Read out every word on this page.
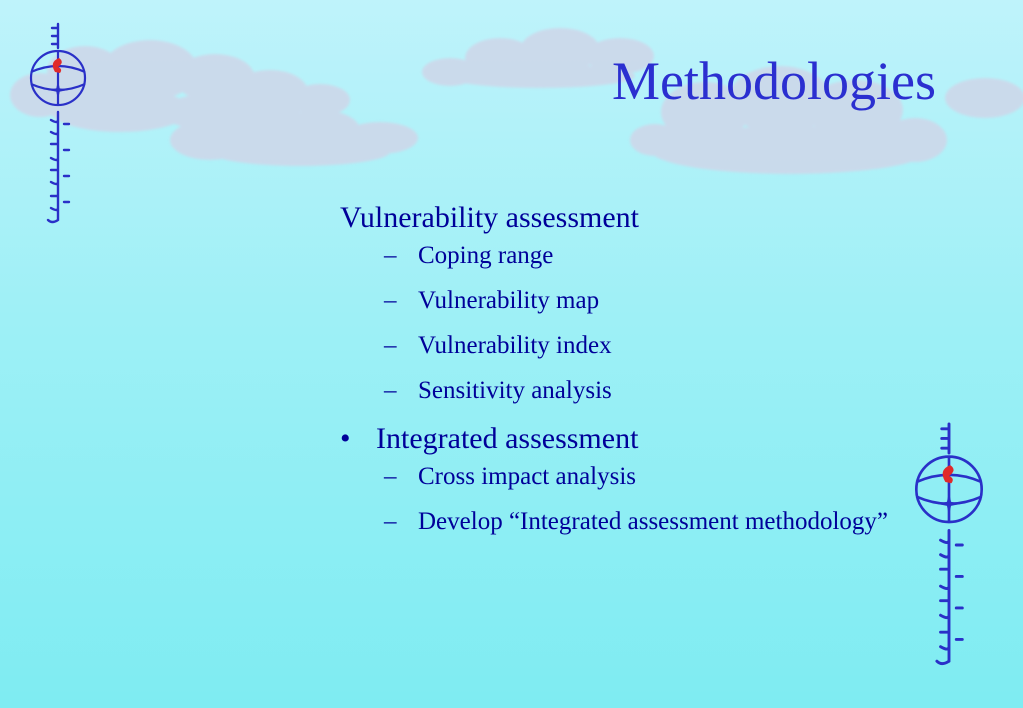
Methodologies
Vulnerability assessment
– Coping range
– Vulnerability map
– Vulnerability index
– Sensitivity analysis
• Integrated assessment
– Cross impact analysis
– Develop “Integrated assessment methodology”
